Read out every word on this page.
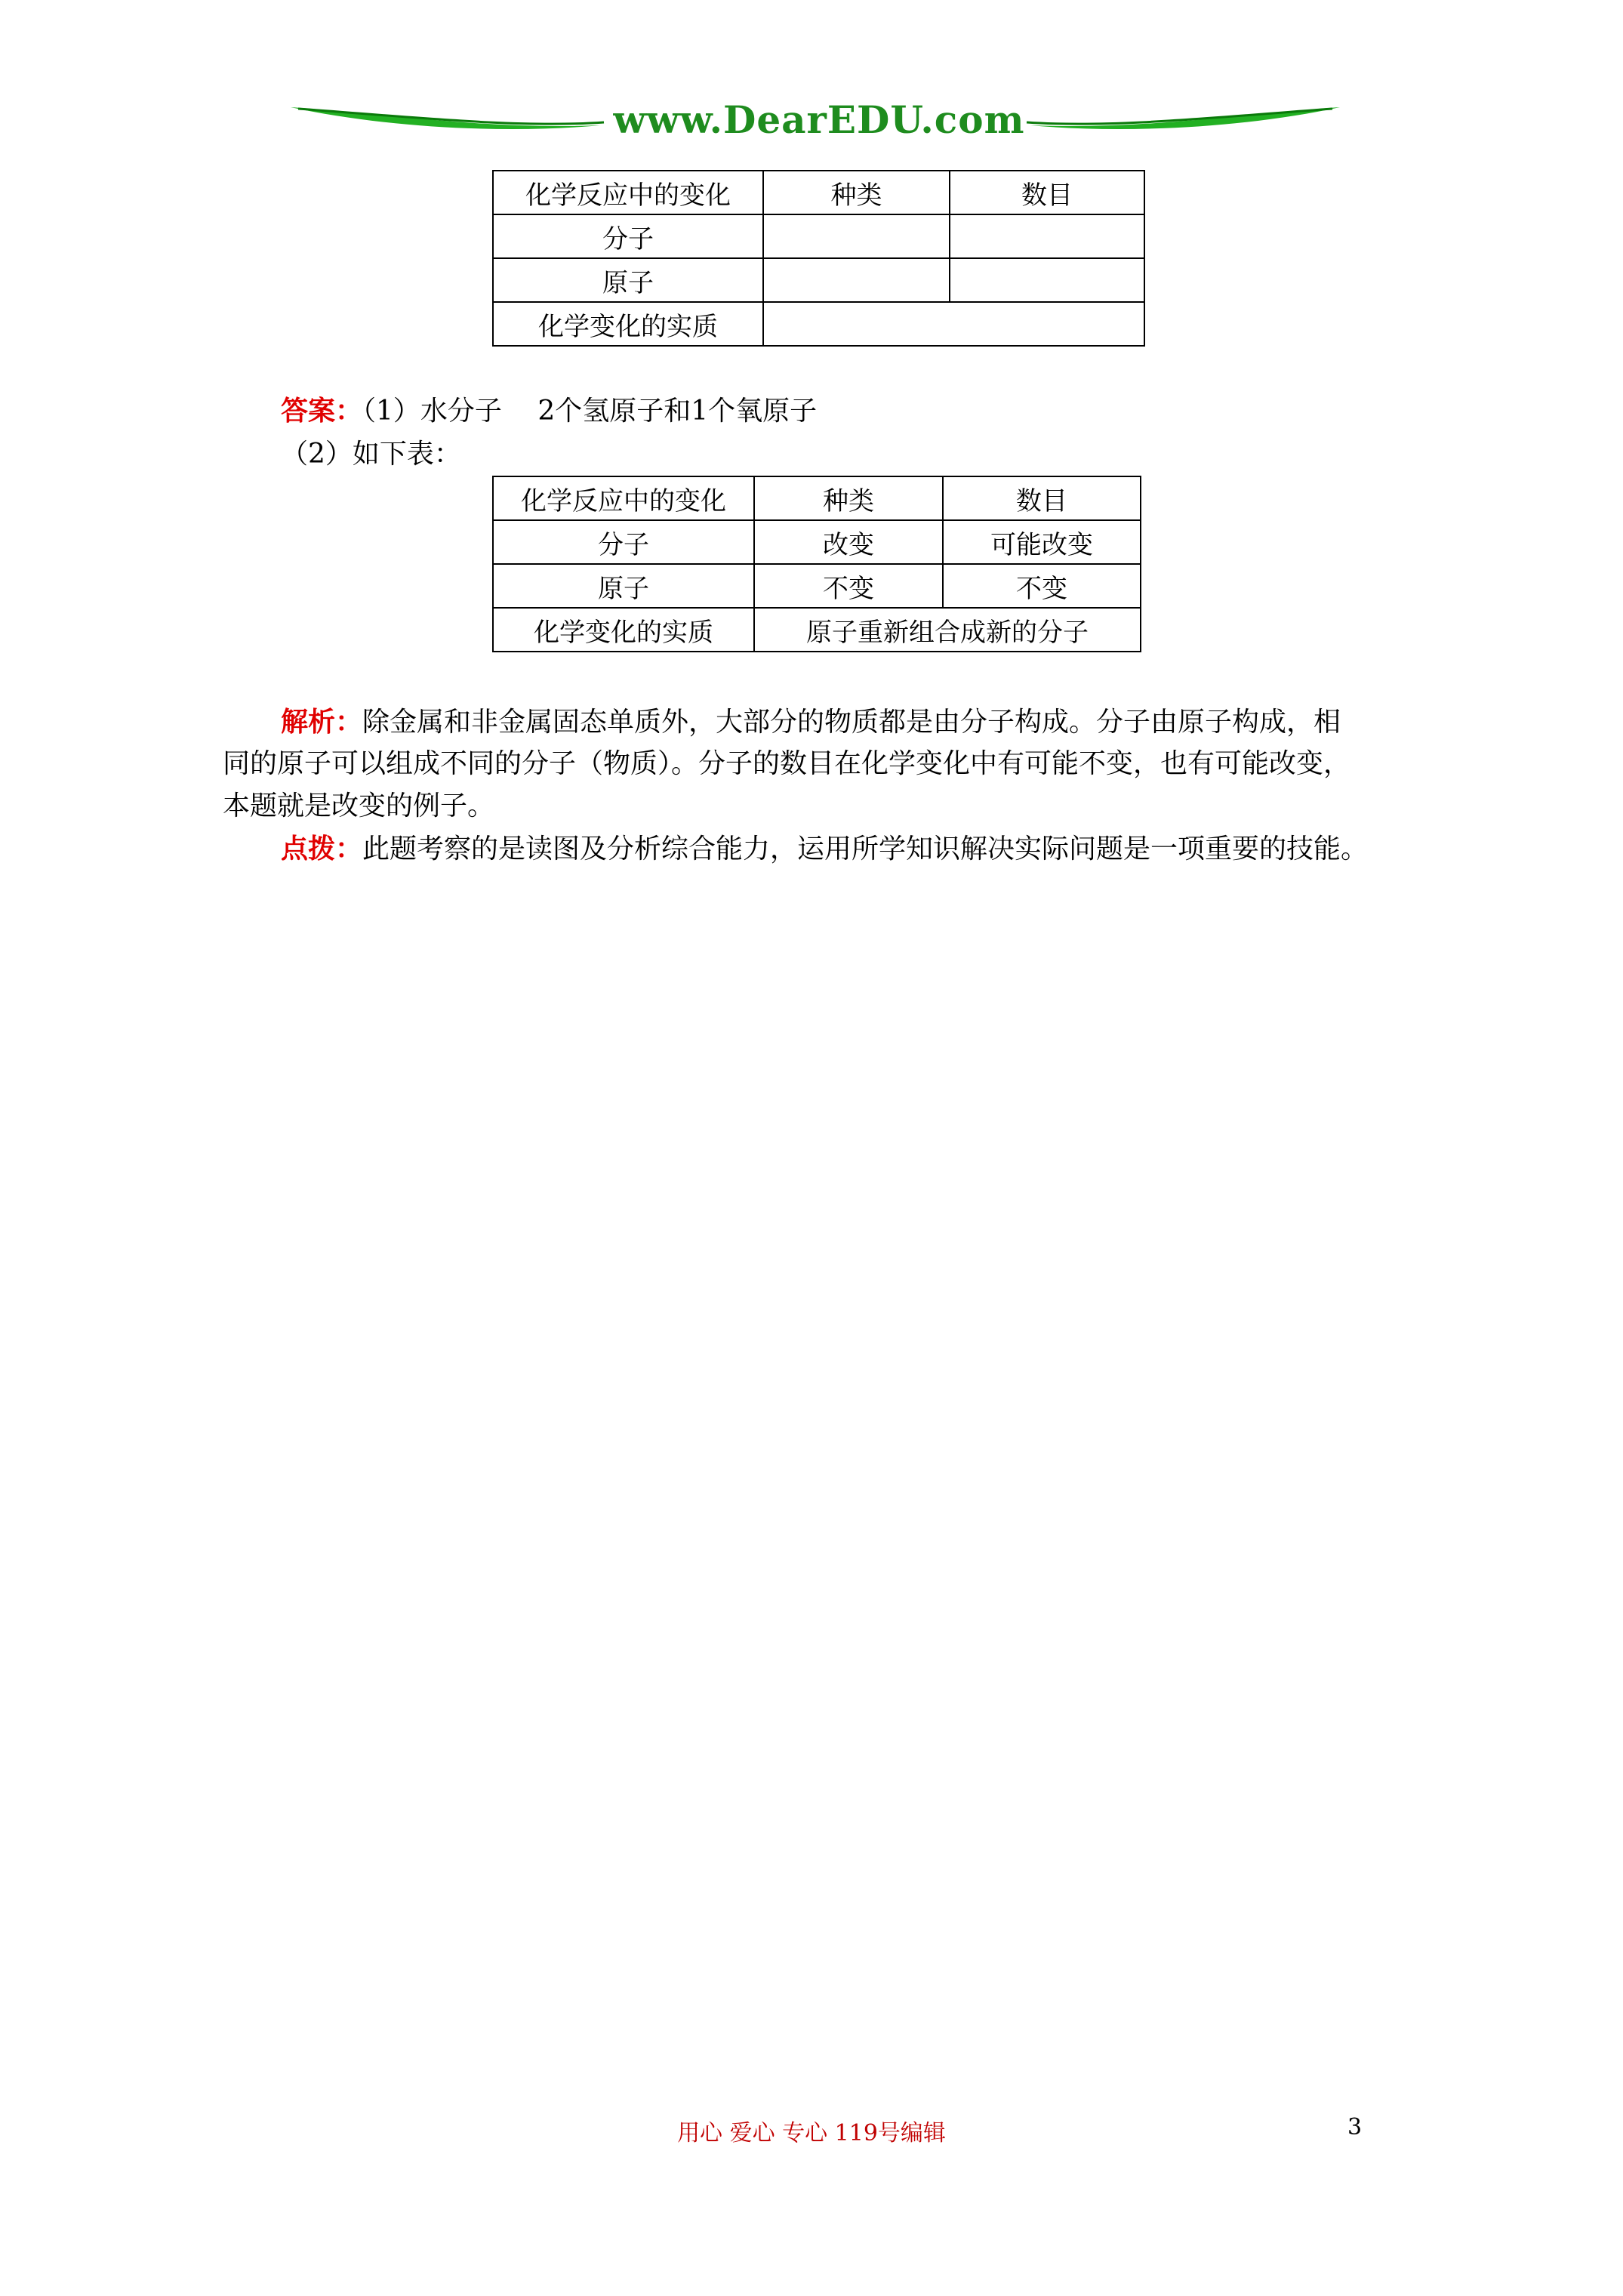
www.DearEDU.com
化学反应中的变化	种类	数目
分子		
原子		
化学变化的实质		
答案：（1）水分子　 2个氢原子和1个氧原子
（2）如下表：
化学反应中的变化	种类	数目
分子	改变	可能改变
原子	不变	不变
化学变化的实质	原子重新组合成新的分子	
解析：除金属和非金属固态单质外，大部分的物质都是由分子构成。分子由原子构成，相
同的原子可以组成不同的分子（物质）。分子的数目在化学变化中有可能不变，也有可能改变，
本题就是改变的例子。
点拨：此题考察的是读图及分析综合能力，运用所学知识解决实际问题是一项重要的技能。
用心 爱心 专心 119号编辑	3
